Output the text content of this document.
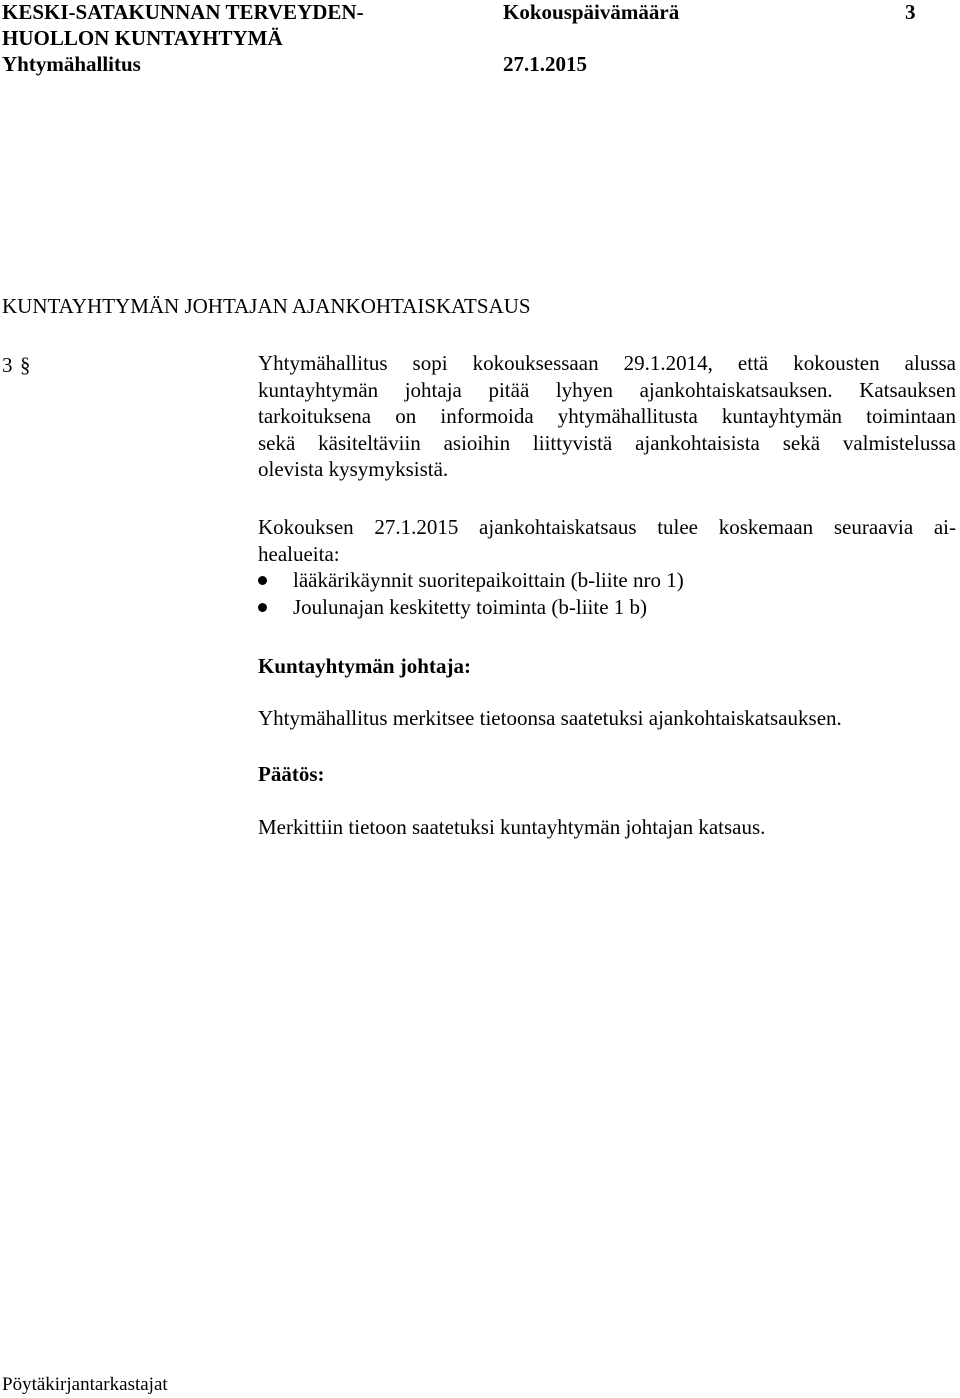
KESKI-SATAKUNNAN TERVEYDEN-
HUOLLON KUNTAYHTYMÄ
Yhtymähallitus
Kokouspäivämäärä	3
27.1.2015
KUNTAYHTYMÄN JOHTAJAN AJANKOHTAISKATSAUS
3 §	Yhtymähallitus sopi kokouksessaan 29.1.2014, että kokousten alussa
kuntayhtymän johtaja pitää lyhyen ajankohtaiskatsauksen. Katsauksen
tarkoituksena on informoida yhtymähallitusta kuntayhtymän toimintaan
sekä käsiteltäviin asioihin liittyvistä ajankohtaisista sekä valmistelussa
olevista kysymyksistä.
Kokouksen 27.1.2015 ajankohtaiskatsaus tulee koskemaan seuraavia ai-
healueita:
lääkärikäynnit suoritepaikoittain (b-liite nro 1)
Joulunajan keskitetty toiminta (b-liite 1 b)
Kuntayhtymän johtaja:
Yhtymähallitus merkitsee tietoonsa saatetuksi ajankohtaiskatsauksen.
Päätös:
Merkittiin tietoon saatetuksi kuntayhtymän johtajan katsaus.
Pöytäkirjantarkastajat
